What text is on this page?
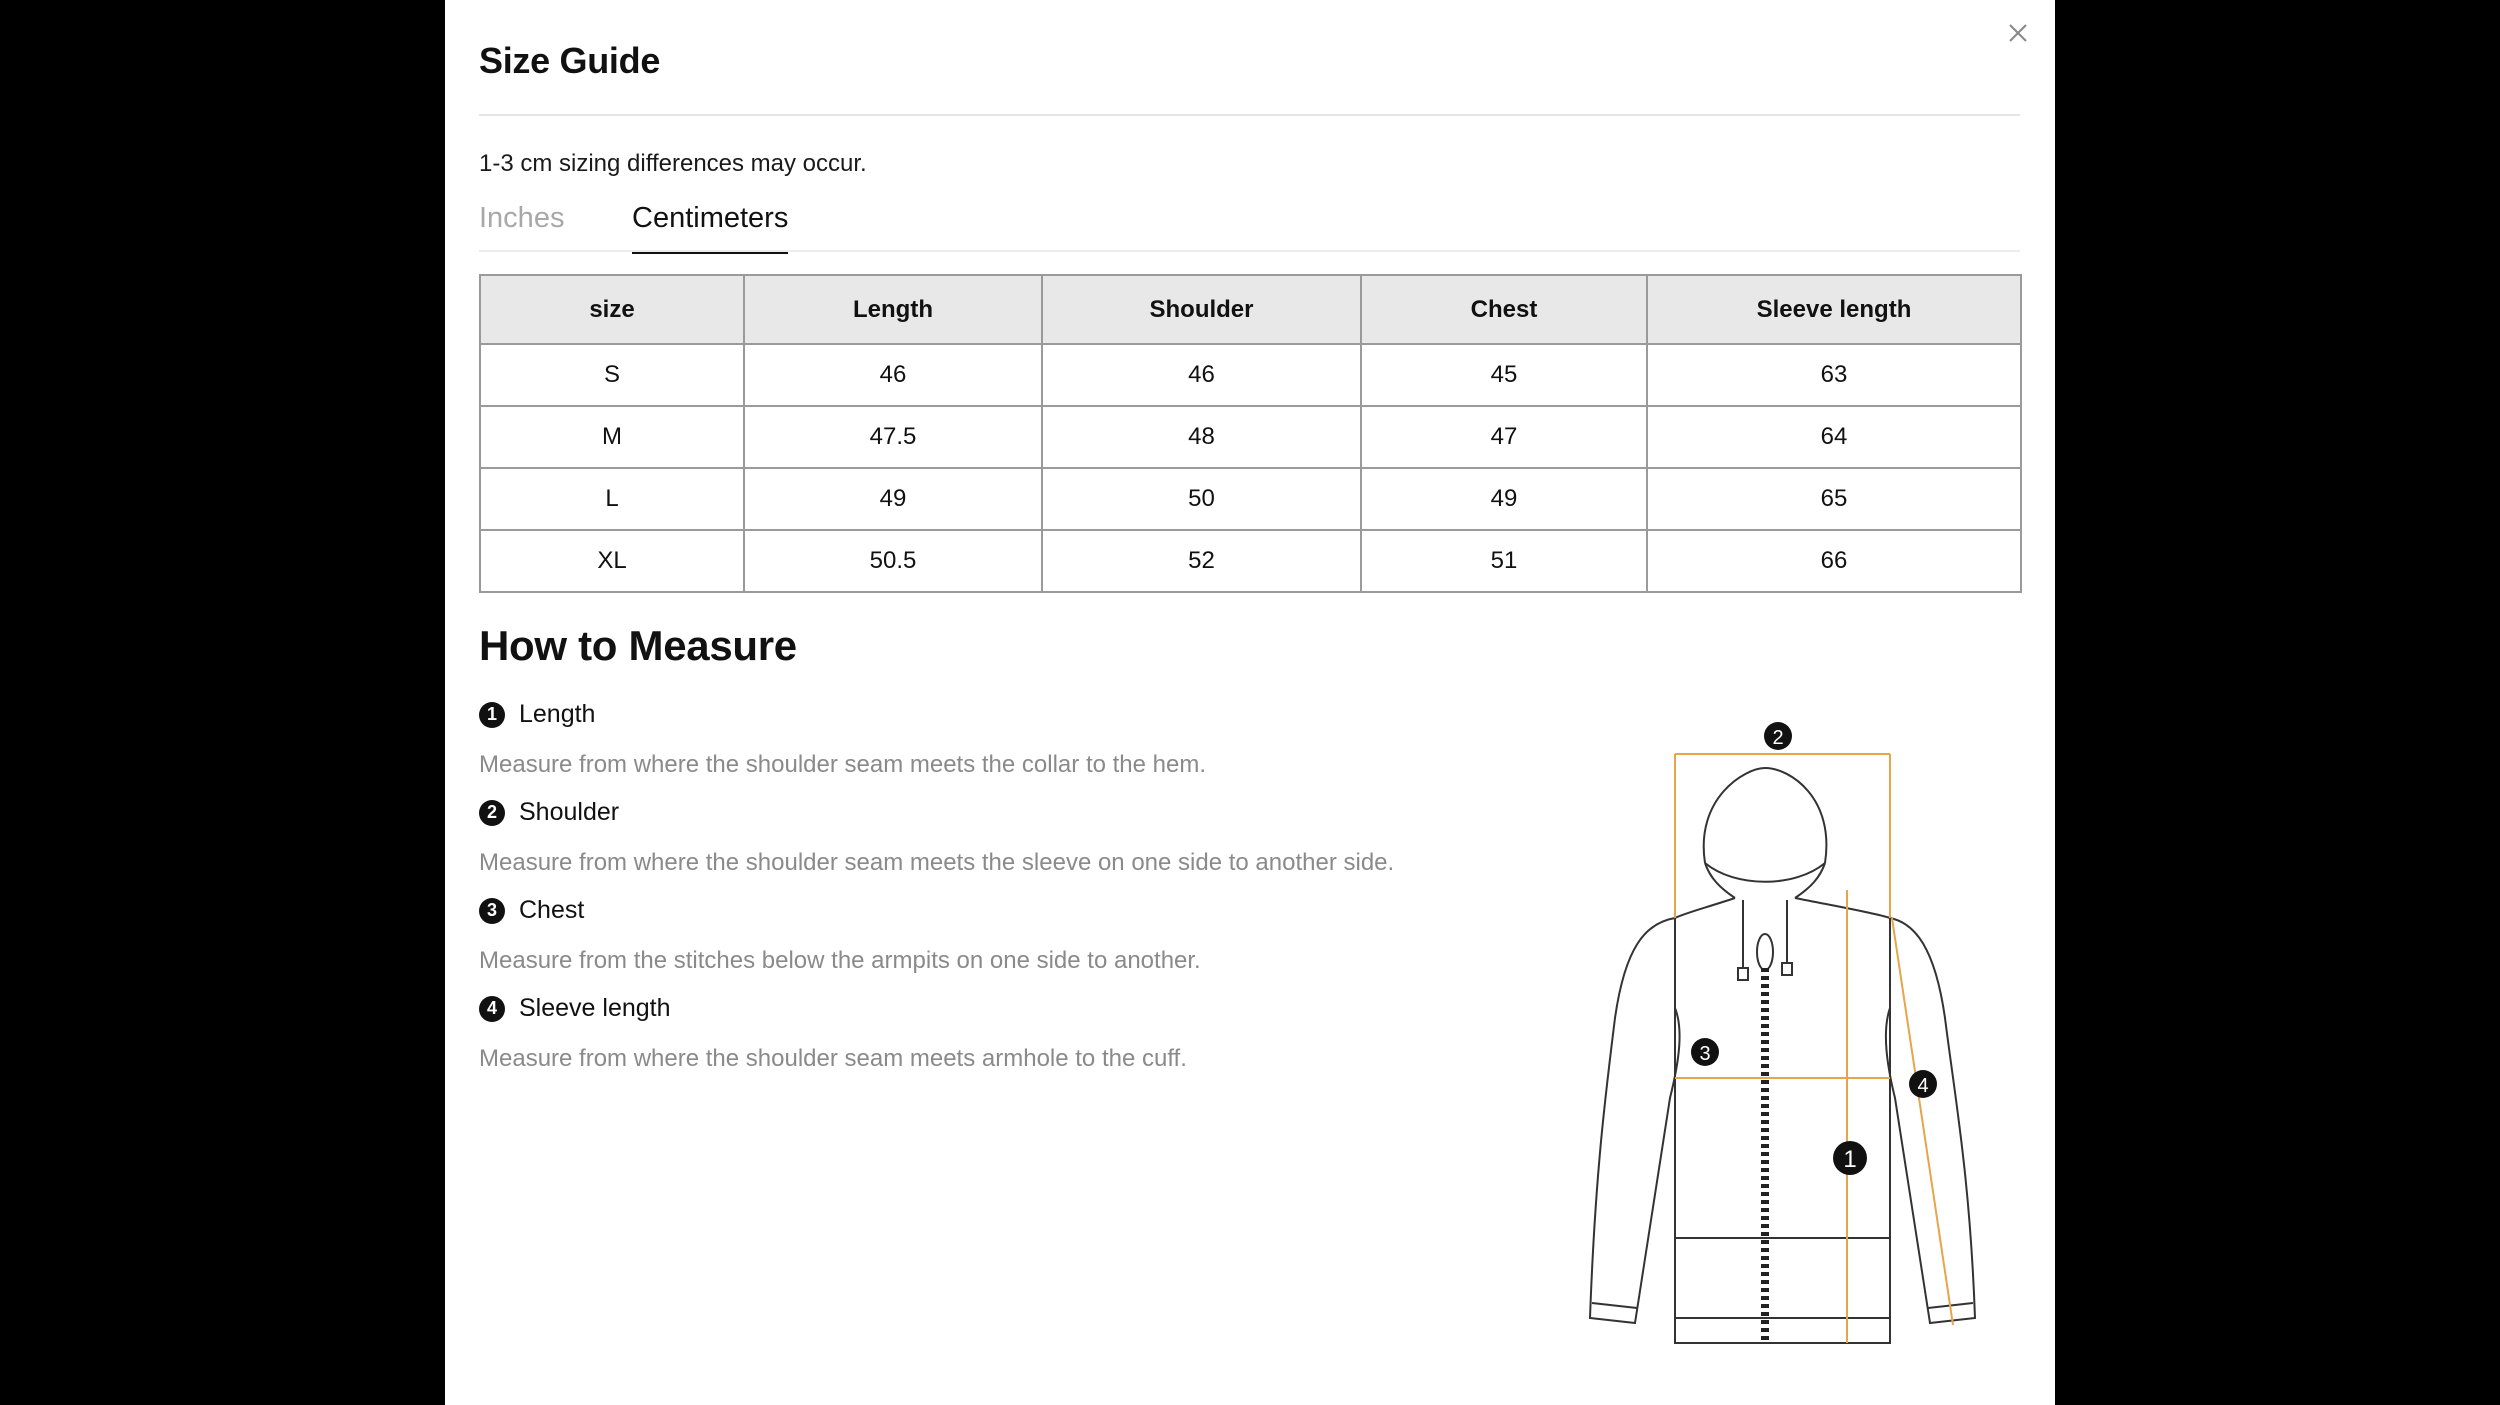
Size Guide
1-3 cm sizing differences may occur.
Inches Centimeters
size	Length	Shoulder	Chest	Sleeve length
S	46	46	45	63
M	47.5	48	47	64
L	49	50	49	65
XL	50.5	52	51	66
How to Measure
1 Length
Measure from where the shoulder seam meets the collar to the hem.
2 Shoulder
Measure from where the shoulder seam meets the sleeve on one side to another side.
3 Chest
Measure from the stitches below the armpits on one side to another.
4 Sleeve length
Measure from where the shoulder seam meets armhole to the cuff.
2
3
4
1
